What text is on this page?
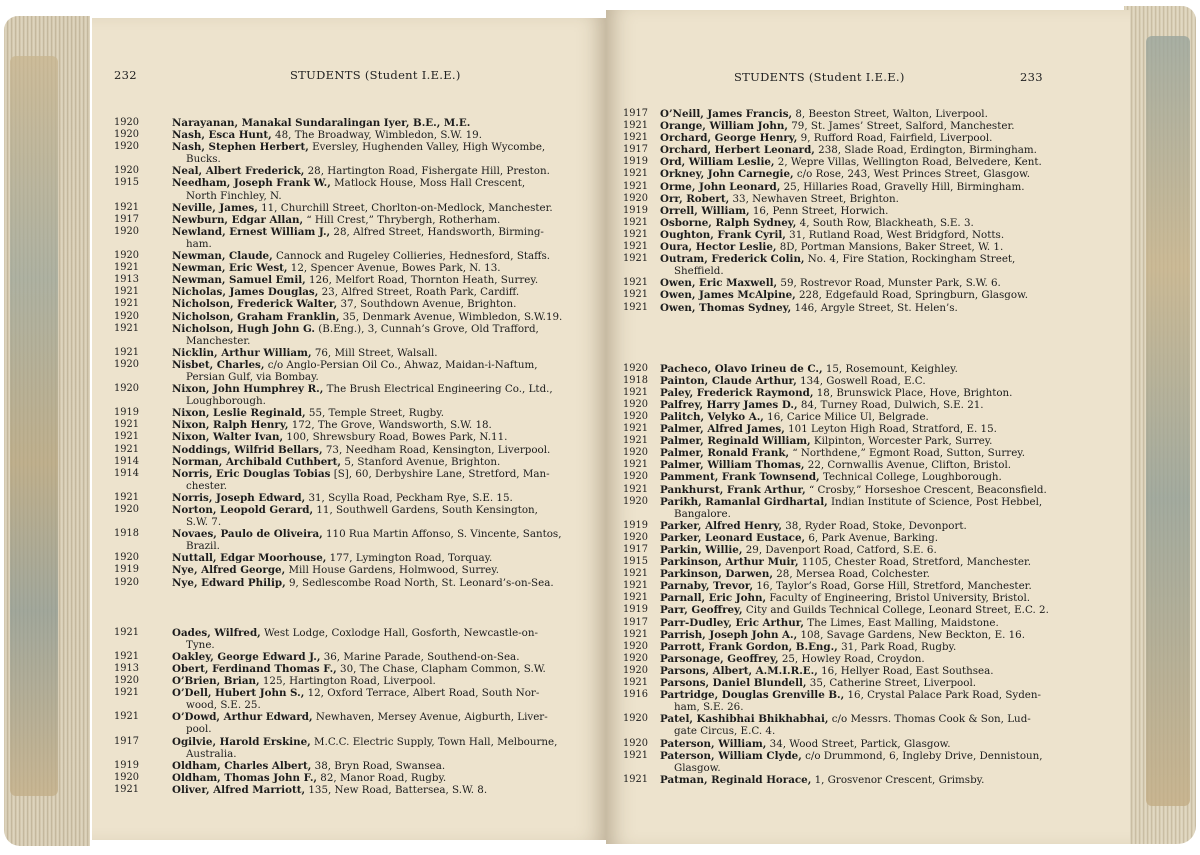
232	STUDENTS (Student I.E.E.)
1920	Narayanan, Manakal Sundaralingan Iyer, B.E., M.E.
1920	Nash, Esca Hunt, 48, The Broadway, Wimbledon, S.W. 19.
1920	Nash, Stephen Herbert, Eversley, Hughenden Valley, High Wycombe,
Bucks.
1920	Neal, Albert Frederick, 28, Hartington Road, Fishergate Hill, Preston.
1915	Needham, Joseph Frank W., Matlock House, Moss Hall Crescent,
North Finchley, N.
1921	Neville, James, 11, Churchill Street, Chorlton-on-Medlock, Manchester.
1917	Newburn, Edgar Allan, “ Hill Crest,” Thrybergh, Rotherham.
1920	Newland, Ernest William J., 28, Alfred Street, Handsworth, Birming-
ham.
1920	Newman, Claude, Cannock and Rugeley Collieries, Hednesford, Staffs.
1921	Newman, Eric West, 12, Spencer Avenue, Bowes Park, N. 13.
1913	Newman, Samuel Emil, 126, Melfort Road, Thornton Heath, Surrey.
1921	Nicholas, James Douglas, 23, Alfred Street, Roath Park, Cardiff.
1921	Nicholson, Frederick Walter, 37, Southdown Avenue, Brighton.
1920	Nicholson, Graham Franklin, 35, Denmark Avenue, Wimbledon, S.W.19.
1921	Nicholson, Hugh John G. (B.Eng.), 3, Cunnah’s Grove, Old Trafford,
Manchester.
1921	Nicklin, Arthur William, 76, Mill Street, Walsall.
1920	Nisbet, Charles, c/o Anglo-Persian Oil Co., Ahwaz, Maidan-i-Naftum,
Persian Gulf, via Bombay.
1920	Nixon, John Humphrey R., The Brush Electrical Engineering Co., Ltd.,
Loughborough.
1919	Nixon, Leslie Reginald, 55, Temple Street, Rugby.
1921	Nixon, Ralph Henry, 172, The Grove, Wandsworth, S.W. 18.
1921	Nixon, Walter Ivan, 100, Shrewsbury Road, Bowes Park, N.11.
1921	Noddings, Wilfrid Bellars, 73, Needham Road, Kensington, Liverpool.
1914	Norman, Archibald Cuthbert, 5, Stanford Avenue, Brighton.
1914	Norris, Eric Douglas Tobias [S], 60, Derbyshire Lane, Stretford, Man-
chester.
1921	Norris, Joseph Edward, 31, Scylla Road, Peckham Rye, S.E. 15.
1920	Norton, Leopold Gerard, 11, Southwell Gardens, South Kensington,
S.W. 7.
1918	Novaes, Paulo de Oliveira, 110 Rua Martin Affonso, S. Vincente, Santos,
Brazil.
1920	Nuttall, Edgar Moorhouse, 177, Lymington Road, Torquay.
1919	Nye, Alfred George, Mill House Gardens, Holmwood, Surrey.
1920	Nye, Edward Philip, 9, Sedlescombe Road North, St. Leonard’s-on-Sea.
1921	Oades, Wilfred, West Lodge, Coxlodge Hall, Gosforth, Newcastle-on-
Tyne.
1921	Oakley, George Edward J., 36, Marine Parade, Southend-on-Sea.
1913	Obert, Ferdinand Thomas F., 30, The Chase, Clapham Common, S.W.
1920	O’Brien, Brian, 125, Hartington Road, Liverpool.
1921	O’Dell, Hubert John S., 12, Oxford Terrace, Albert Road, South Nor-
wood, S.E. 25.
1921	O’Dowd, Arthur Edward, Newhaven, Mersey Avenue, Aigburth, Liver-
pool.
1917	Ogilvie, Harold Erskine, M.C.C. Electric Supply, Town Hall, Melbourne,
Australia.
1919	Oldham, Charles Albert, 38, Bryn Road, Swansea.
1920	Oldham, Thomas John F., 82, Manor Road, Rugby.
1921	Oliver, Alfred Marriott, 135, New Road, Battersea, S.W. 8.
STUDENTS (Student I.E.E.)	233
1917	O’Neill, James Francis, 8, Beeston Street, Walton, Liverpool.
1921	Orange, William John, 79, St. James’ Street, Salford, Manchester.
1921	Orchard, George Henry, 9, Rufford Road, Fairfield, Liverpool.
1917	Orchard, Herbert Leonard, 238, Slade Road, Erdington, Birmingham.
1919	Ord, William Leslie, 2, Wepre Villas, Wellington Road, Belvedere, Kent.
1921	Orkney, John Carnegie, c/o Rose, 243, West Princes Street, Glasgow.
1921	Orme, John Leonard, 25, Hillaries Road, Gravelly Hill, Birmingham.
1920	Orr, Robert, 33, Newhaven Street, Brighton.
1919	Orrell, William, 16, Penn Street, Horwich.
1921	Osborne, Ralph Sydney, 4, South Row, Blackheath, S.E. 3.
1921	Oughton, Frank Cyril, 31, Rutland Road, West Bridgford, Notts.
1921	Oura, Hector Leslie, 8D, Portman Mansions, Baker Street, W. 1.
1921	Outram, Frederick Colin, No. 4, Fire Station, Rockingham Street,
Sheffield.
1921	Owen, Eric Maxwell, 59, Rostrevor Road, Munster Park, S.W. 6.
1921	Owen, James McAlpine, 228, Edgefauld Road, Springburn, Glasgow.
1921	Owen, Thomas Sydney, 146, Argyle Street, St. Helen’s.
1920	Pacheco, Olavo Irineu de C., 15, Rosemount, Keighley.
1918	Painton, Claude Arthur, 134, Goswell Road, E.C.
1921	Paley, Frederick Raymond, 18, Brunswick Place, Hove, Brighton.
1920	Palfrey, Harry James D., 84, Turney Road, Dulwich, S.E. 21.
1920	Palitch, Velyko A., 16, Carice Milice Ul, Belgrade.
1921	Palmer, Alfred James, 101 Leyton High Road, Stratford, E. 15.
1921	Palmer, Reginald William, Kilpinton, Worcester Park, Surrey.
1920	Palmer, Ronald Frank, “ Northdene,” Egmont Road, Sutton, Surrey.
1921	Palmer, William Thomas, 22, Cornwallis Avenue, Clifton, Bristol.
1920	Pamment, Frank Townsend, Technical College, Loughborough.
1921	Pankhurst, Frank Arthur, “ Crosby,” Horseshoe Crescent, Beaconsfield.
1920	Parikh, Ramanlal Girdhartal, Indian Institute of Science, Post Hebbel,
Bangalore.
1919	Parker, Alfred Henry, 38, Ryder Road, Stoke, Devonport.
1920	Parker, Leonard Eustace, 6, Park Avenue, Barking.
1917	Parkin, Willie, 29, Davenport Road, Catford, S.E. 6.
1915	Parkinson, Arthur Muir, 1105, Chester Road, Stretford, Manchester.
1921	Parkinson, Darwen, 28, Mersea Road, Colchester.
1921	Parnaby, Trevor, 16, Taylor’s Road, Gorse Hill, Stretford, Manchester.
1921	Parnall, Eric John, Faculty of Engineering, Bristol University, Bristol.
1919	Parr, Geoffrey, City and Guilds Technical College, Leonard Street, E.C. 2.
1917	Parr-Dudley, Eric Arthur, The Limes, East Malling, Maidstone.
1921	Parrish, Joseph John A., 108, Savage Gardens, New Beckton, E. 16.
1920	Parrott, Frank Gordon, B.Eng., 31, Park Road, Rugby.
1920	Parsonage, Geoffrey, 25, Howley Road, Croydon.
1920	Parsons, Albert, A.M.I.R.E., 16, Hellyer Road, East Southsea.
1921	Parsons, Daniel Blundell, 35, Catherine Street, Liverpool.
1916	Partridge, Douglas Grenville B., 16, Crystal Palace Park Road, Syden-
ham, S.E. 26.
1920	Patel, Kashibhai Bhikhabhai, c/o Messrs. Thomas Cook & Son, Lud-
gate Circus, E.C. 4.
1920	Paterson, William, 34, Wood Street, Partick, Glasgow.
1921	Paterson, William Clyde, c/o Drummond, 6, Ingleby Drive, Dennistoun,
Glasgow.
1921	Patman, Reginald Horace, 1, Grosvenor Crescent, Grimsby.
